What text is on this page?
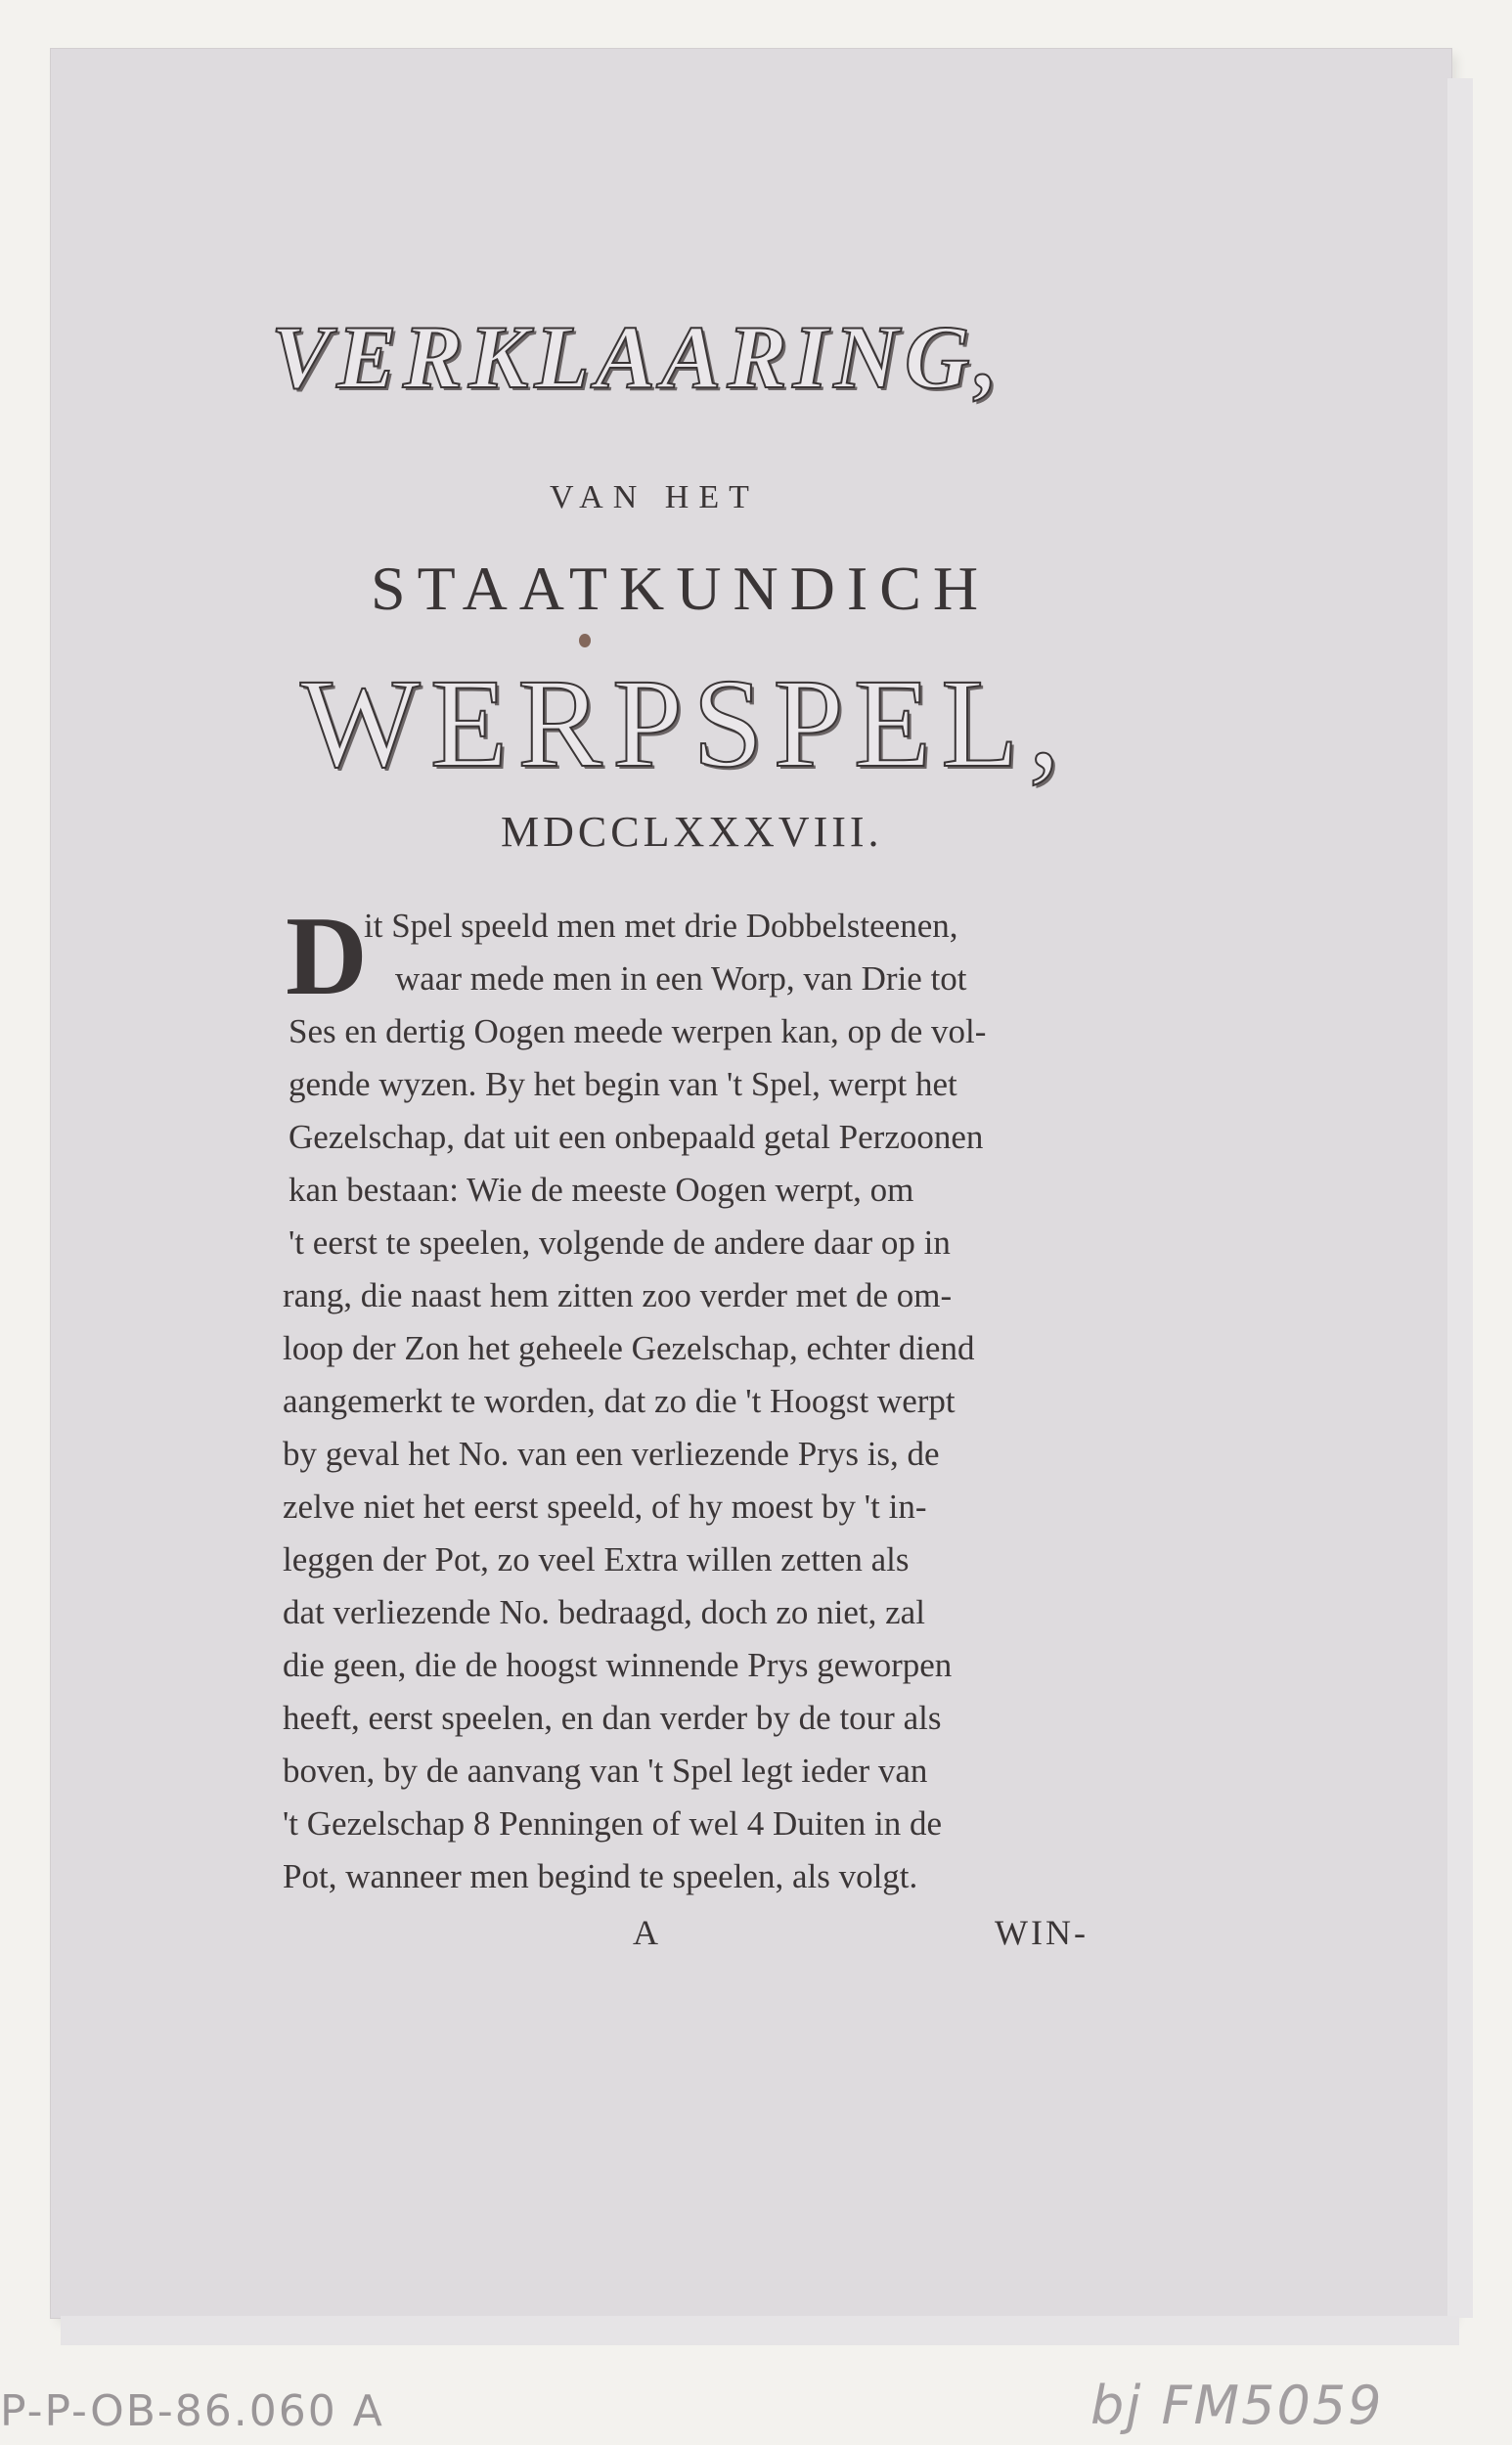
VERKLAARING,
VAN HET
STAATKUNDICH
WERPSPEL,
MDCCLXXXVIII.
D
it Spel speeld men met drie Dobbelsteenen,
waar mede men in een Worp, van Drie tot
Ses en dertig Oogen meede werpen kan, op de vol-
gende wyzen. By het begin van 't Spel, werpt het
Gezelschap, dat uit een onbepaald getal Perzoonen
kan bestaan: Wie de meeste Oogen werpt, om
't eerst te speelen, volgende de andere daar op in
rang, die naast hem zitten zoo verder met de om-
loop der Zon het geheele Gezelschap, echter diend
aangemerkt te worden, dat zo die 't Hoogst werpt
by geval het No. van een verliezende Prys is, de
zelve niet het eerst speeld, of hy moest by 't in-
leggen der Pot, zo veel Extra willen zetten als
dat verliezende No. bedraagd, doch zo niet, zal
die geen, die de hoogst winnende Prys geworpen
heeft, eerst speelen, en dan verder by de tour als
boven, by de aanvang van 't Spel legt ieder van
't Gezelschap 8 Penningen of wel 4 Duiten in de
Pot, wanneer men begind te speelen, als volgt.
A	WIN-
P-P-OB-86.060 A	bj FM5059
